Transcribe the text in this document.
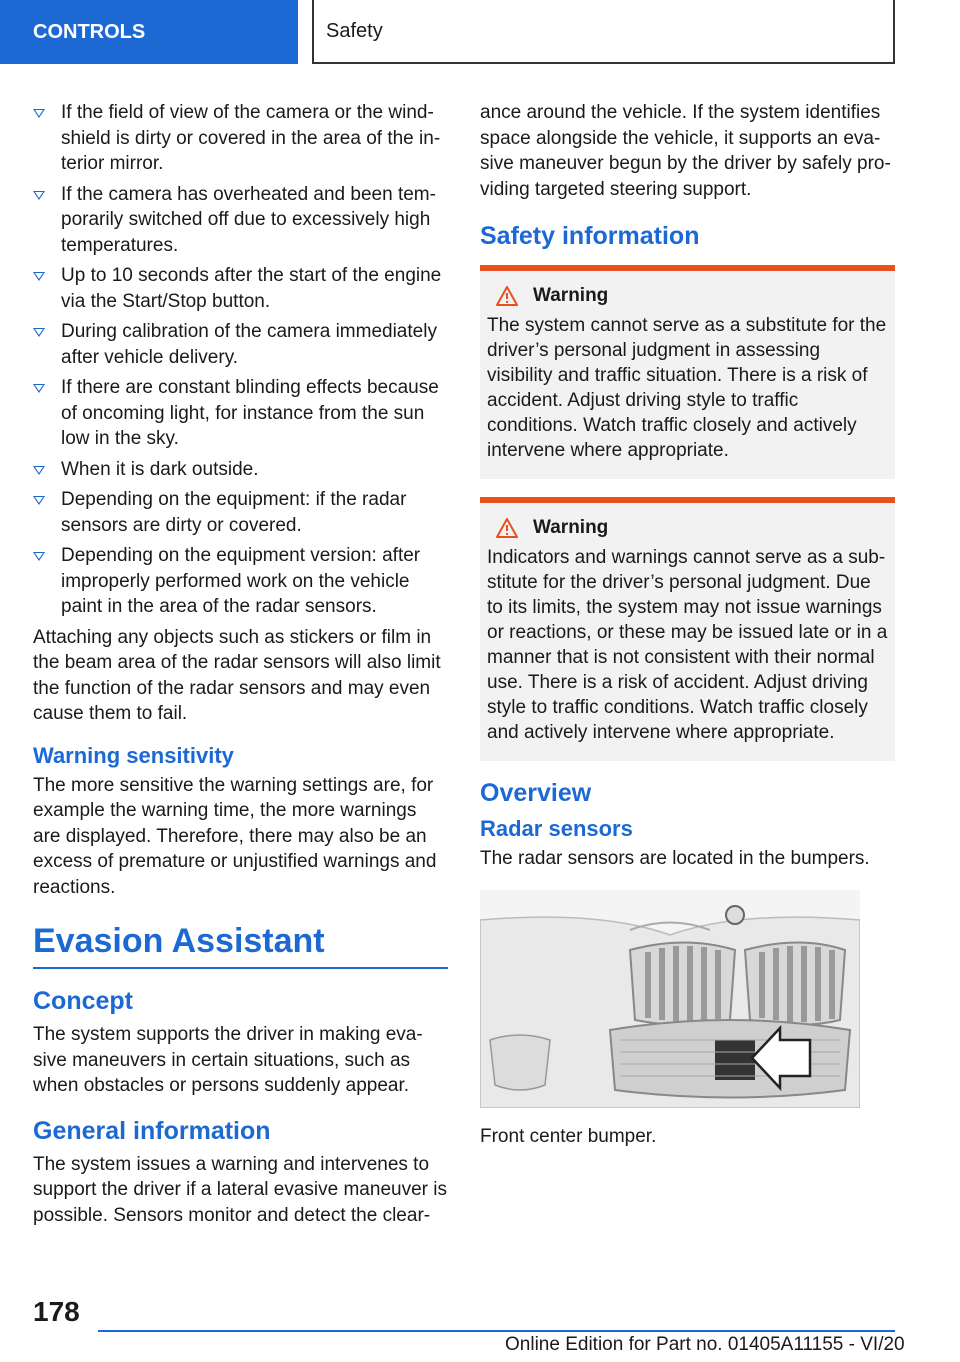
CONTROLS	Safety
If the field of view of the camera or the windshield is dirty or covered in the area of the interior mirror.
If the camera has overheated and been temporarily switched off due to excessively high temperatures.
Up to 10 seconds after the start of the engine via the Start/Stop button.
During calibration of the camera immediately after vehicle delivery.
If there are constant blinding effects because of oncoming light, for instance from the sun low in the sky.
When it is dark outside.
Depending on the equipment: if the radar sensors are dirty or covered.
Depending on the equipment version: after improperly performed work on the vehicle paint in the area of the radar sensors.

Attaching any objects such as stickers or film in the beam area of the radar sensors will also limit the function of the radar sensors and may even cause them to fail.

Warning sensitivity

The more sensitive the warning settings are, for example the warning time, the more warnings are displayed. Therefore, there may also be an excess of premature or unjustified warnings and reactions.

Evasion Assistant
Concept

The system supports the driver in making evasive maneuvers in certain situations, such as when obstacles or persons suddenly appear.

General information

The system issues a warning and intervenes to support the driver if a lateral evasive maneuver is possible. Sensors monitor and detect the clear-

ance around the vehicle. If the system identifies space alongside the vehicle, it supports an evasive maneuver begun by the driver by safely providing targeted steering support.

Safety information
Warning

The system cannot serve as a substitute for the driver’s personal judgment in assessing visibility and traffic situation. There is a risk of accident. Adjust driving style to traffic conditions. Watch traffic closely and actively intervene where appropriate.

Warning

Indicators and warnings cannot serve as a substitute for the driver’s personal judgment. Due to its limits, the system may not issue warnings or reactions, or these may be issued late or in a manner that is not consistent with their normal use. There is a risk of accident. Adjust driving style to traffic conditions. Watch traffic closely and actively intervene where appropriate.

Overview
Radar sensors

The radar sensors are located in the bumpers.

Front center bumper.

178
Online Edition for Part no. 01405A11155 - VI/20
